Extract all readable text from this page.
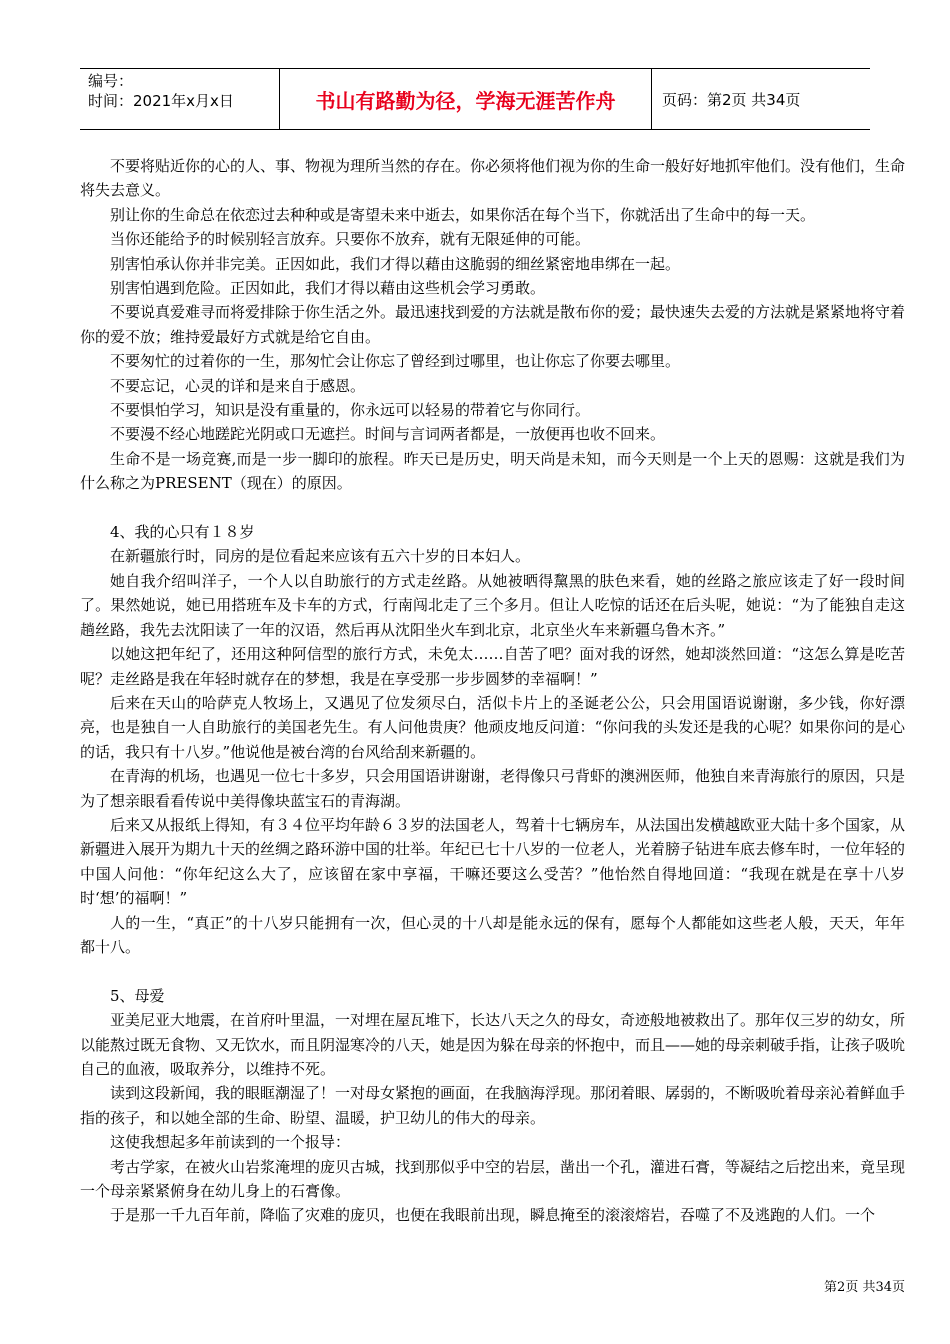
编号：
时间：2021年x月x日	书山有路勤为径，学海无涯苦作舟	页码：第2页 共34页

不要将贴近你的心的人、事、物视为理所当然的存在。你必须将他们视为你的生命一般好好地抓牢他们。没有他们，生命将失去意义。

别让你的生命总在依恋过去种种或是寄望未来中逝去，如果你活在每个当下，你就活出了生命中的每一天。

当你还能给予的时候别轻言放弃。只要你不放弃，就有无限延伸的可能。

别害怕承认你并非完美。正因如此，我们才得以藉由这脆弱的细丝紧密地串绑在一起。

别害怕遇到危险。正因如此，我们才得以藉由这些机会学习勇敢。

不要说真爱难寻而将爱排除于你生活之外。最迅速找到爱的方法就是散布你的爱；最快速失去爱的方法就是紧紧地将守着你的爱不放；维持爱最好方式就是给它自由。

不要匆忙的过着你的一生，那匆忙会让你忘了曾经到过哪里，也让你忘了你要去哪里。

不要忘记，心灵的详和是来自于感恩。

不要惧怕学习，知识是没有重量的，你永远可以轻易的带着它与你同行。

不要漫不经心地蹉跎光阴或口无遮拦。时间与言词两者都是，一放便再也收不回来。

生命不是一场竞赛,而是一步一脚印的旅程。昨天已是历史，明天尚是未知，而今天则是一个上天的恩赐：这就是我们为什么称之为PRESENT（现在）的原因。

4、我的心只有１８岁

在新疆旅行时，同房的是位看起来应该有五六十岁的日本妇人。

她自我介绍叫洋子，一个人以自助旅行的方式走丝路。从她被晒得黧黑的肤色来看，她的丝路之旅应该走了好一段时间了。果然她说，她已用搭班车及卡车的方式，行南闯北走了三个多月。但让人吃惊的话还在后头呢，她说：“为了能独自走这趟丝路，我先去沈阳读了一年的汉语，然后再从沈阳坐火车到北京，北京坐火车来新疆乌鲁木齐。”

以她这把年纪了，还用这种阿信型的旅行方式，未免太……自苦了吧？面对我的讶然，她却淡然回道：“这怎么算是吃苦呢？走丝路是我在年轻时就存在的梦想，我是在享受那一步步圆梦的幸福啊！”

后来在天山的哈萨克人牧场上，又遇见了位发须尽白，活似卡片上的圣诞老公公，只会用国语说谢谢，多少钱，你好漂亮，也是独自一人自助旅行的美国老先生。有人问他贵庚？他顽皮地反问道：“你问我的头发还是我的心呢？如果你问的是心的话，我只有十八岁。”他说他是被台湾的台风给刮来新疆的。

在青海的机场，也遇见一位七十多岁，只会用国语讲谢谢，老得像只弓背虾的澳洲医师，他独自来青海旅行的原因，只是为了想亲眼看看传说中美得像块蓝宝石的青海湖。

后来又从报纸上得知，有３４位平均年龄６３岁的法国老人，驾着十七辆房车，从法国出发横越欧亚大陆十多个国家，从新疆进入展开为期九十天的丝绸之路环游中国的壮举。年纪已七十八岁的一位老人，光着膀子钻进车底去修车时，一位年轻的中国人问他：“你年纪这么大了，应该留在家中享福，干嘛还要这么受苦？”他怡然自得地回道：“我现在就是在享十八岁时‘想’的福啊！”

人的一生，“真正”的十八岁只能拥有一次，但心灵的十八却是能永远的保有，愿每个人都能如这些老人般，天天，年年都十八。

5、母爱

亚美尼亚大地震，在首府叶里温，一对埋在屋瓦堆下，长达八天之久的母女，奇迹般地被救出了。那年仅三岁的幼女，所以能熬过既无食物、又无饮水，而且阴湿寒冷的八天，她是因为躲在母亲的怀抱中，而且——她的母亲刺破手指，让孩子吸吮自己的血液，吸取养分，以维持不死。

读到这段新闻，我的眼眶潮湿了！一对母女紧抱的画面，在我脑海浮现。那闭着眼、孱弱的，不断吸吮着母亲沁着鲜血手指的孩子，和以她全部的生命、盼望、温暖，护卫幼儿的伟大的母亲。

这使我想起多年前读到的一个报导：

考古学家，在被火山岩浆淹埋的庞贝古城，找到那似乎中空的岩层，凿出一个孔，灌进石膏，等凝结之后挖出来，竟呈现一个母亲紧紧俯身在幼儿身上的石膏像。

于是那一千九百年前，降临了灾难的庞贝，也便在我眼前出现，瞬息掩至的滚滚熔岩，吞噬了不及逃跑的人们。一个

第2页 共34页
